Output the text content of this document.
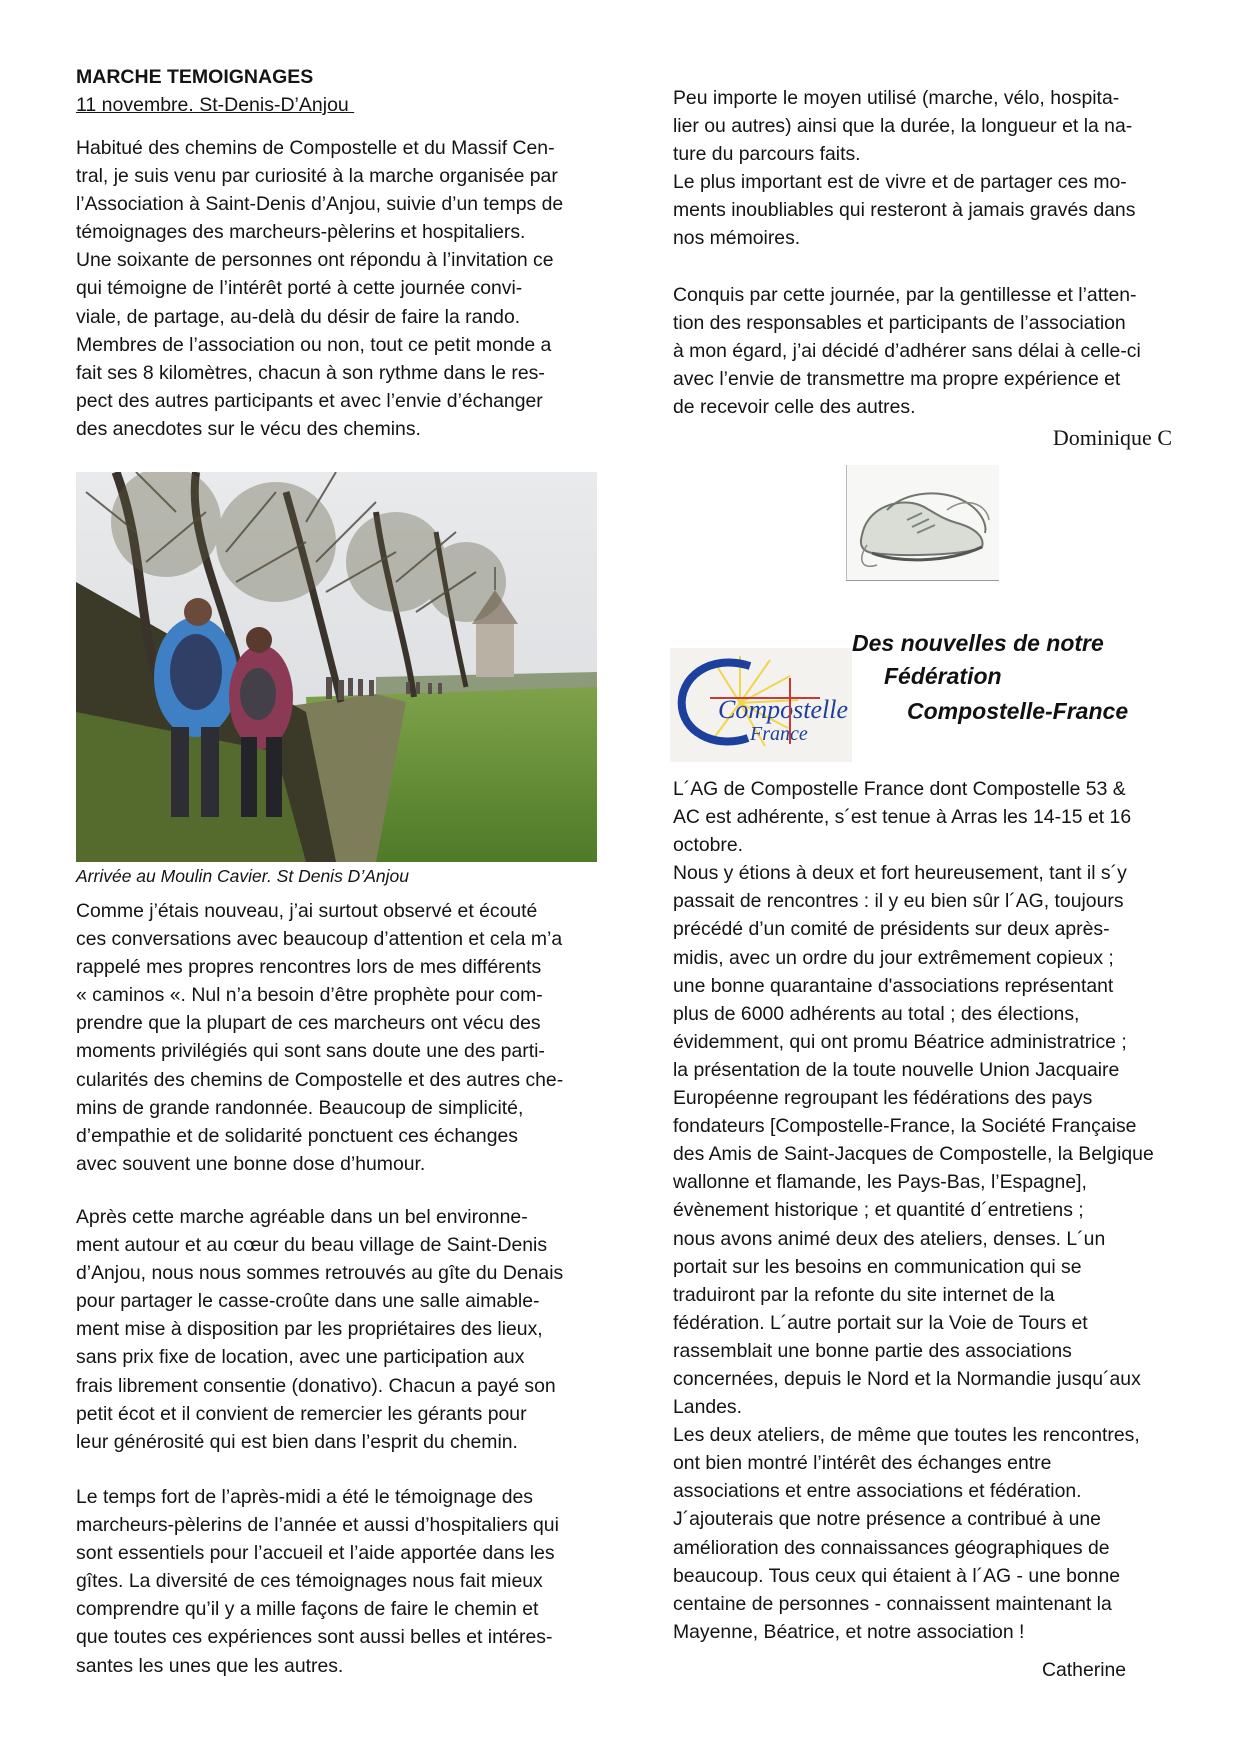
MARCHE TEMOIGNAGES
11 novembre. St-Denis-D’Anjou

Habitué des chemins de Compostelle et du Massif Cen-
tral, je suis venu par curiosité à la marche organisée par
l’Association à Saint-Denis d’Anjou, suivie d’un temps de
témoignages des marcheurs-pèlerins et hospitaliers.
Une soixante de personnes ont répondu à l’invitation ce
qui témoigne de l’intérêt porté à cette journée convi-
viale, de partage, au-delà du désir de faire la rando.
Membres de l’association ou non, tout ce petit monde a
fait ses 8 kilomètres, chacun à son rythme dans le res-
pect des autres participants et avec l’envie d’échanger
des anecdotes sur le vécu des chemins.

Arrivée au Moulin Cavier. St Denis D’Anjou

Comme j’étais nouveau, j’ai surtout observé et écouté
ces conversations avec beaucoup d’attention et cela m’a
rappelé mes propres rencontres lors de mes différents
« caminos «. Nul n’a besoin d’être prophète pour com-
prendre que la plupart de ces marcheurs ont vécu des
moments privilégiés qui sont sans doute une des parti-
cularités des chemins de Compostelle et des autres che-
mins de grande randonnée. Beaucoup de simplicité,
d’empathie et de solidarité ponctuent ces échanges
avec souvent une bonne dose d’humour.

Après cette marche agréable dans un bel environne-
ment autour et au cœur du beau village de Saint-Denis
d’Anjou, nous nous sommes retrouvés au gîte du Denais
pour partager le casse-croûte dans une salle aimable-
ment mise à disposition par les propriétaires des lieux,
sans prix fixe de location, avec une participation aux
frais librement consentie (donativo). Chacun a payé son
petit écot et il convient de remercier les gérants pour
leur générosité qui est bien dans l’esprit du chemin.

Le temps fort de l’après-midi a été le témoignage des
marcheurs-pèlerins de l’année et aussi d’hospitaliers qui
sont essentiels pour l’accueil et l’aide apportée dans les
gîtes. La diversité de ces témoignages nous fait mieux
comprendre qu’il y a mille façons de faire le chemin et
que toutes ces expériences sont aussi belles et intéres-
santes les unes que les autres.

Peu importe le moyen utilisé (marche, vélo, hospita-
lier ou autres) ainsi que la durée, la longueur et la na-
ture du parcours faits.
Le plus important est de vivre et de partager ces mo-
ments inoubliables qui resteront à jamais gravés dans
nos mémoires.

Conquis par cette journée, par la gentillesse et l’atten-
tion des responsables et participants de l’association
à mon égard, j’ai décidé d’adhérer sans délai à celle-ci
avec l’envie de transmettre ma propre expérience et
de recevoir celle des autres.

Dominique C
Compostelle
France
Des nouvelles de notre
Fédération
Compostelle-France

L´AG de Compostelle France dont Compostelle 53 &
AC est adhérente, s´est tenue à Arras les 14-15 et 16
octobre.
Nous y étions à deux et fort heureusement, tant il s´y
passait de rencontres : il y eu bien sûr l´AG, toujours
précédé d’un comité de présidents sur deux après-
midis, avec un ordre du jour extrêmement copieux ;
une bonne quarantaine d'associations représentant
plus de 6000 adhérents au total ; des élections,
évidemment, qui ont promu Béatrice administratrice ;
la présentation de la toute nouvelle Union Jacquaire
Européenne regroupant les fédérations des pays
fondateurs [Compostelle-France, la Société Française
des Amis de Saint-Jacques de Compostelle, la Belgique
wallonne et flamande, les Pays-Bas, l’Espagne],
évènement historique ; et quantité d´entretiens ;
nous avons animé deux des ateliers, denses. L´un
portait sur les besoins en communication qui se
traduiront par la refonte du site internet de la
fédération. L´autre portait sur la Voie de Tours et
rassemblait une bonne partie des associations
concernées, depuis le Nord et la Normandie jusqu´aux
Landes.
Les deux ateliers, de même que toutes les rencontres,
ont bien montré l’intérêt des échanges entre
associations et entre associations et fédération.
J´ajouterais que notre présence a contribué à une
amélioration des connaissances géographiques de
beaucoup. Tous ceux qui étaient à l´AG - une bonne
centaine de personnes - connaissent maintenant la
Mayenne, Béatrice, et notre association !

Catherine
